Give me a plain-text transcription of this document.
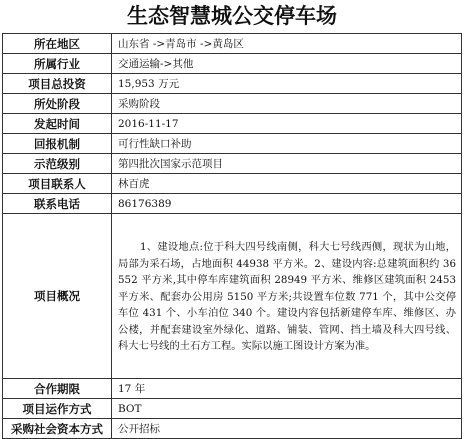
生态智慧城公交停车场
所在地区	山东省 ->青岛市 ->黄岛区
所属行业	交通运输->其他
项目总投资	15,953 万元
所处阶段	采购阶段
发起时间	2016-11-17
回报机制	可行性缺口补助
示范级别	第四批次国家示范项目
项目联系人	林百虎
联系电话	86176389
项目概况	1、建设地点:位于科大四号线南侧，科大七号线西侧，现状为山地，局部为采石场，占地面积 44938 平方米。2、建设内容:总建筑面积约 36552 平方米,其中停车库建筑面积 28949 平方米、维修区建筑面积 2453 平方米、配套办公用房 5150 平方米;共设置车位数 771 个，其中公交停车位 431 个、小车泊位 340 个。建设内容包括新建停车库、维修区、办公楼，并配套建设室外绿化、道路、铺装、管网、挡土墙及科大四号线、科大七号线的土石方工程。实际以施工图设计方案为准。
合作期限	17 年
项目运作方式	BOT
采购社会资本方式	公开招标
